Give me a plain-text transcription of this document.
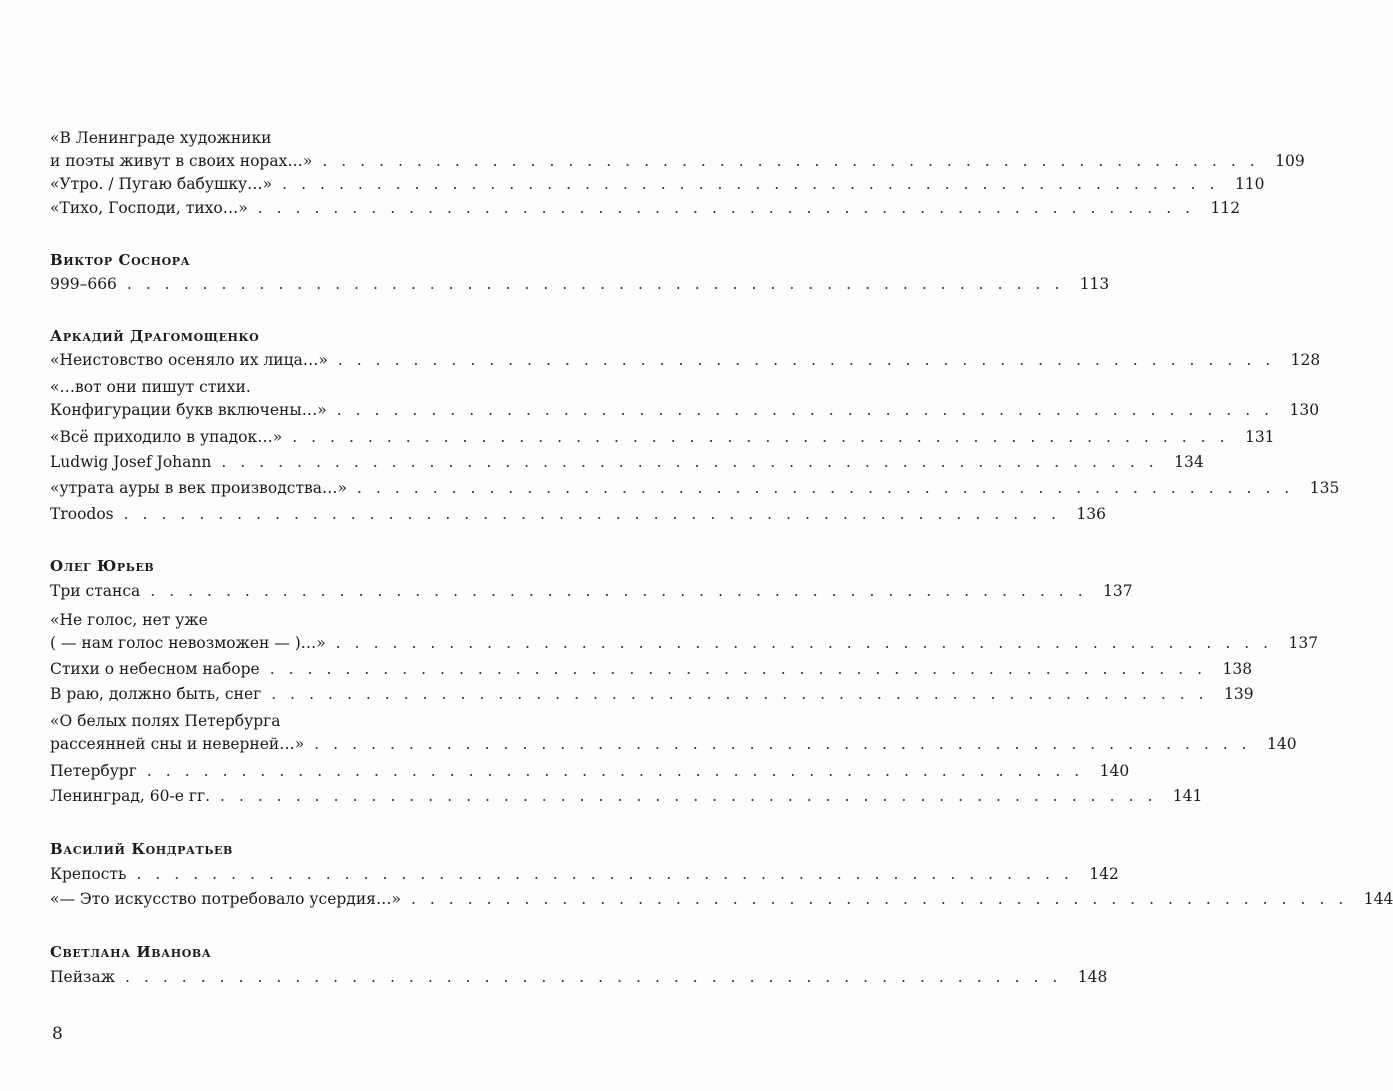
«В Ленинграде художники
и поэты живут в своих норах…» .................................................. 109
«Утро. / Пугаю бабушку…» .................................................. 110
«Тихо, Господи, тихо…» .................................................. 112
Виктор Соснора
999–666 .................................................. 113
Аркадий Драгомощенко
«Неистовство осеняло их лица…» .................................................. 128
«…вот они пишут стихи.
Конфигурации букв включены…» .................................................. 130
«Всё приходило в упадок…» .................................................. 131
Ludwig Josef Johann .................................................. 134
«утрата ауры в век производства…» .................................................. 135
Troodos .................................................. 136
Олег Юрьев
Три станса .................................................. 137
«Не голос, нет уже
( — нам голос невозможен — )…» .................................................. 137
Стихи о небесном наборе .................................................. 138
В раю, должно быть, снег .................................................. 139
«О белых полях Петербурга
рассеянней сны и неверней…» .................................................. 140
Петербург .................................................. 140
Ленинград, 60-е гг. .................................................. 141
Василий Кондратьев
Крепость .................................................. 142
«— Это искусство потребовало усердия…» .................................................. 144
Светлана Иванова
Пейзаж .................................................. 148
8
